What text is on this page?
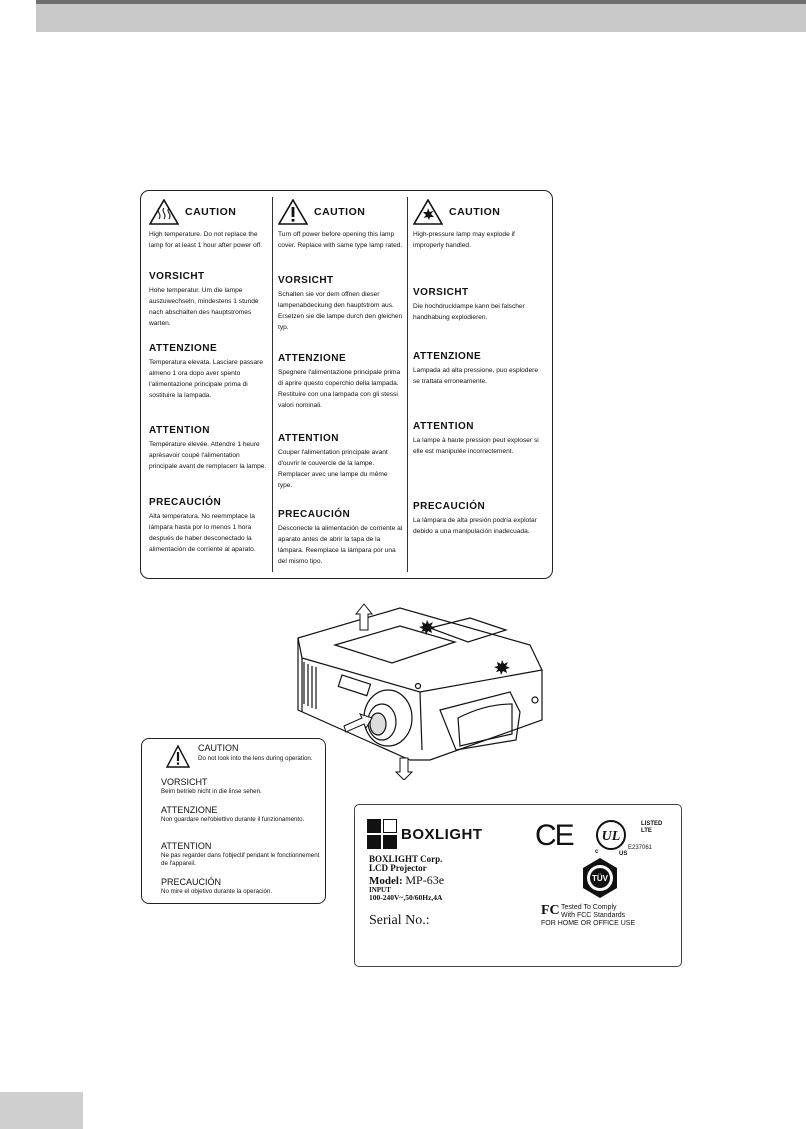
CAUTION
High temperature. Do not replace the lamp for at least 1 hour after power off.
VORSICHT
Hohe temperatur. Um die lampe auszuwechseln, mindestens 1 stunde nach abschalten des hauptstromes warten.
ATTENZIONE
Temperatura elevata. Lasciare passare almeno 1 ora dopo aver spento l'alimentazione principale prima di sostituire la lampada.
ATTENTION
Température élevée. Attendre 1 heure aprèsavoir coupé l'alimentation principale avant de remplacerr la lampe.
PRECAUCIÓN
Alta temperatura. No reemmplace la lámpara hasta por lo menos 1 hora después de haber desconectado la alimentación de corriente al aparato.
CAUTION
Turn off power before opening this lamp cover. Replace with same type lamp rated.
VORSICHT
Schalten sie vor dem offnen dieser lampenabdeckung den hauptstrom aus. Ersetzen sie die lampe durch den gleichen typ.
ATTENZIONE
Spegnere l'alimentazione principale prima di aprire questo coperchio della lampada. Restituire con una lampada con gli stessi valori nominali.
ATTENTION
Couper l'alimentation principale avant d'ouvrir le couvercle de la lampe. Remplacer avec une lampe du même type.
PRECAUCIÓN
Desconecte la alimentación de corriente al aparato antes de abrir la tapa de la lámpara. Reemplace la lámpara por una del mismo tipo.
CAUTION
High-pressure lamp may explode if improperly handled.
VORSICHT
Die hochdrucklampe kann bei falscher handhabung explodieren.
ATTENZIONE
Lampada ad alta pressione, puo esplodere se trattata erroneamente.
ATTENTION
La lampe à haute pression peut exploser si elle est manipulée incorrectement.
PRECAUCIÓN
La lámpara de alta presión podría explotar debido a una manipulación inadecuada.
CAUTION
Do not look into the lens during operation.
VORSICHT
Beim betrieb nicht in die linse sehen.
ATTENZIONE
Non guardare nel'obiettivo durante il funzionamento.
ATTENTION
Ne pas regarder dans l'objectif pendant le fonctionnement de l'appareil.
PRECAUCIÓN
No mire el objetivo durante la operación.
BOXLIGHT
BOXLIGHT Corp.
LCD Projector
Model: MP-63e
INPUT
100-240V~,50/60Hz,4A
Serial No.:
CE UL
c	US
LISTED
LTE
E237061
TÜV
FC Tested To Comply
With FCC Standards
FOR HOME OR OFFICE USE
